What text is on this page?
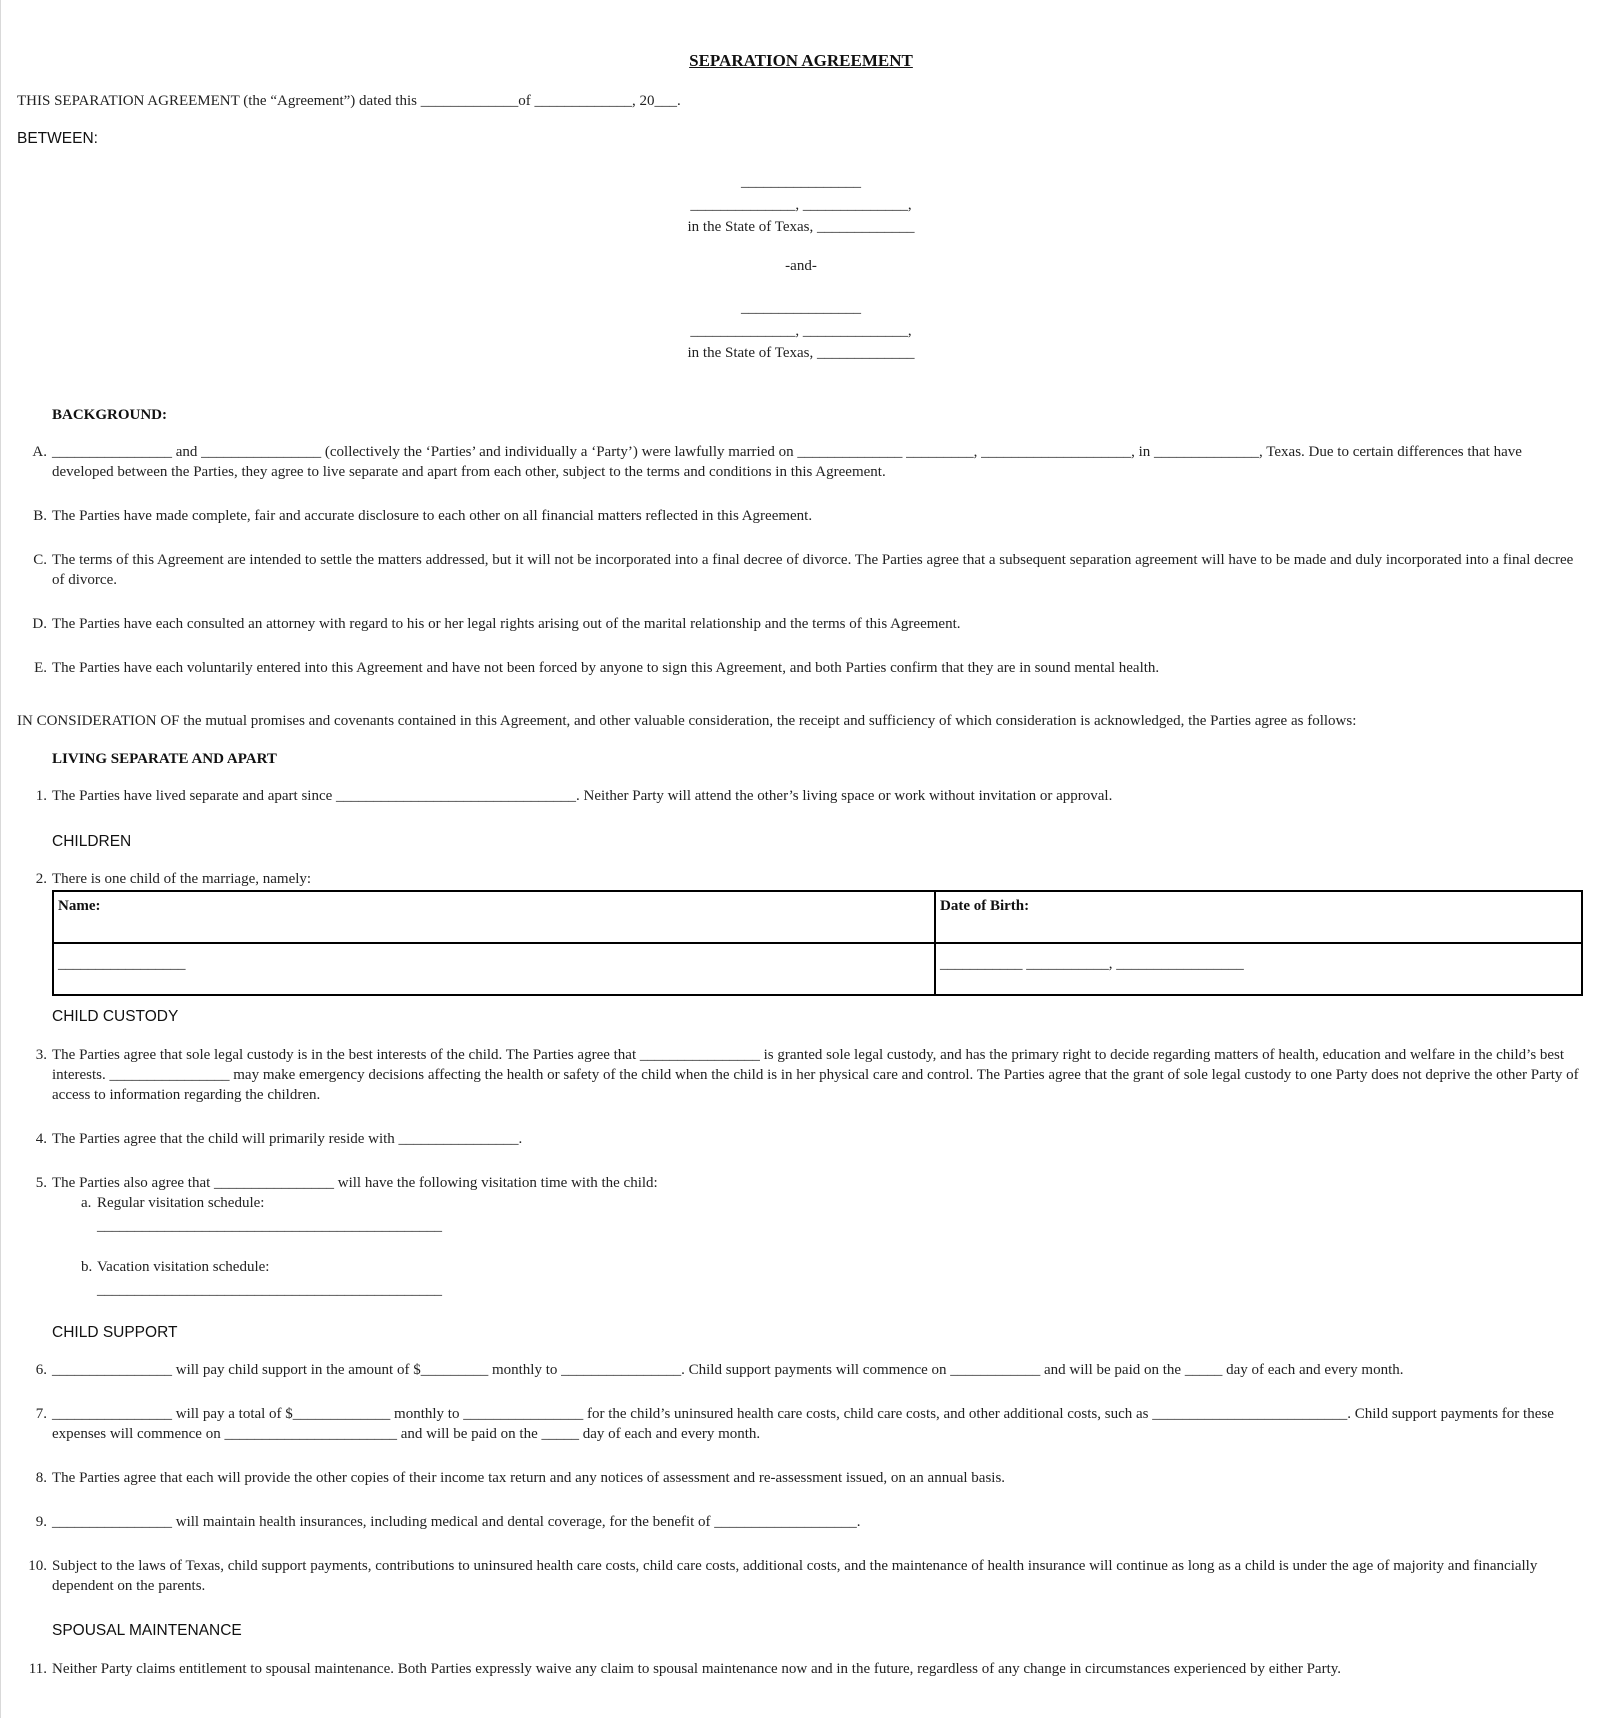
SEPARATION AGREEMENT
THIS SEPARATION AGREEMENT (the “Agreement”) dated this _____________of _____________, 20___.
BETWEEN:
________________
______________, ______________,
in the State of Texas, _____________
-and-
________________
______________, ______________,
in the State of Texas, _____________
BACKGROUND:
A. ________________ and ________________ (collectively the ‘Parties’ and individually a ‘Party’) were lawfully married on ______________ _________, ____________________, in ______________, Texas. Due to certain differences that have developed between the Parties, they agree to live separate and apart from each other, subject to the terms and conditions in this Agreement.
B. The Parties have made complete, fair and accurate disclosure to each other on all financial matters reflected in this Agreement.
C. The terms of this Agreement are intended to settle the matters addressed, but it will not be incorporated into a final decree of divorce. The Parties agree that a subsequent separation agreement will have to be made and duly incorporated into a final decree of divorce.
D. The Parties have each consulted an attorney with regard to his or her legal rights arising out of the marital relationship and the terms of this Agreement.
E. The Parties have each voluntarily entered into this Agreement and have not been forced by anyone to sign this Agreement, and both Parties confirm that they are in sound mental health.
IN CONSIDERATION OF the mutual promises and covenants contained in this Agreement, and other valuable consideration, the receipt and sufficiency of which consideration is acknowledged, the Parties agree as follows:
LIVING SEPARATE AND APART
1. The Parties have lived separate and apart since ________________________________. Neither Party will attend the other’s living space or work without invitation or approval.
CHILDREN
2. There is one child of the marriage, namely:
Name:	Date of Birth:

_________________	___________ ___________, _________________
CHILD CUSTODY
3. The Parties agree that sole legal custody is in the best interests of the child. The Parties agree that ________________ is granted sole legal custody, and has the primary right to decide regarding matters of health, education and welfare in the child’s best interests. ________________ may make emergency decisions affecting the health or safety of the child when the child is in her physical care and control. The Parties agree that the grant of sole legal custody to one Party does not deprive the other Party of access to information regarding the children.
4. The Parties agree that the child will primarily reside with ________________.
5. The Parties also agree that ________________ will have the following visitation time with the child:
a. Regular visitation schedule:
______________________________________________
b. Vacation visitation schedule:
______________________________________________
CHILD SUPPORT
6. ________________ will pay child support in the amount of $_________ monthly to ________________. Child support payments will commence on ____________ and will be paid on the _____ day of each and every month.
7. ________________ will pay a total of $_____________ monthly to ________________ for the child’s uninsured health care costs, child care costs, and other additional costs, such as __________________________. Child support payments for these expenses will commence on _______________________ and will be paid on the _____ day of each and every month.
8. The Parties agree that each will provide the other copies of their income tax return and any notices of assessment and re-assessment issued, on an annual basis.
9. ________________ will maintain health insurances, including medical and dental coverage, for the benefit of ___________________.
10. Subject to the laws of Texas, child support payments, contributions to uninsured health care costs, child care costs, additional costs, and the maintenance of health insurance will continue as long as a child is under the age of majority and financially dependent on the parents.
SPOUSAL MAINTENANCE
11. Neither Party claims entitlement to spousal maintenance. Both Parties expressly waive any claim to spousal maintenance now and in the future, regardless of any change in circumstances experienced by either Party.
